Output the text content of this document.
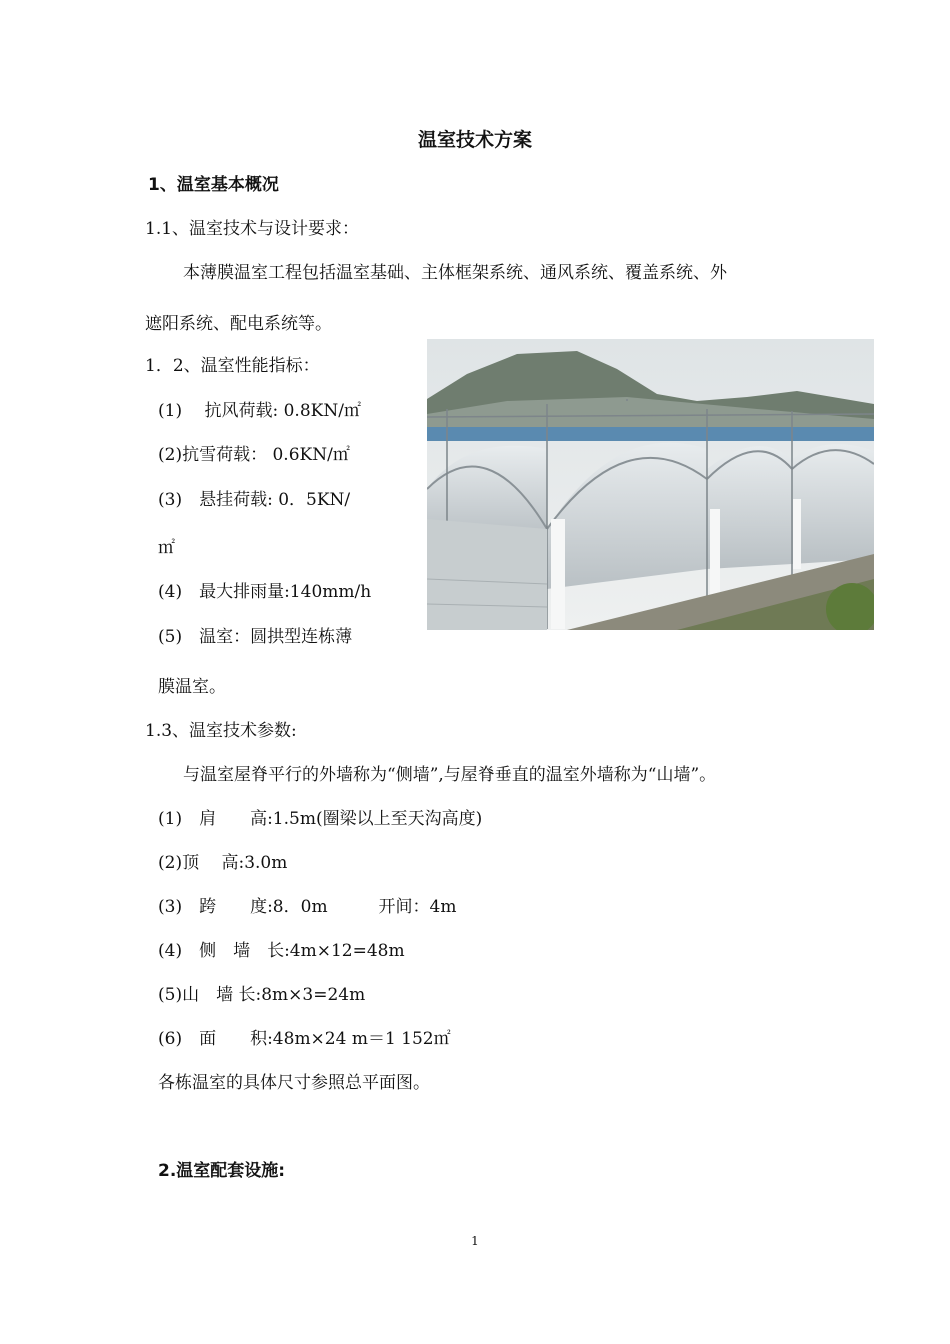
温室技术方案
1、温室基本概况
1.1、温室技术与设计要求：
本薄膜温室工程包括温室基础、主体框架系统、通风系统、覆盖系统、外
遮阳系统、配电系统等。
1．2、温室性能指标：
(1)　 抗风荷载: 0.8KN/㎡
(2)抗雪荷载： 0.6KN/㎡
(3)　悬挂荷载: 0．5KN/
㎡
(4)　最大排雨量:140mm/h
(5)　温室：圆拱型连栋薄
膜温室。
1.3、温室技术参数:
与温室屋脊平行的外墙称为“侧墙”,与屋脊垂直的温室外墙称为“山墙”。
(1)　肩　　高:1.5m(圈梁以上至天沟高度)
(2)顶　 高:3.0m
(3)　跨　　度:8．0m　　　开间：4m
(4)　侧　墙　长:4m×12=48m
(5)山　墙 长:8m×3=24m
(6)　面　　积:48m×24 m＝1 152㎡
各栋温室的具体尺寸参照总平面图。
2.温室配套设施:
1
